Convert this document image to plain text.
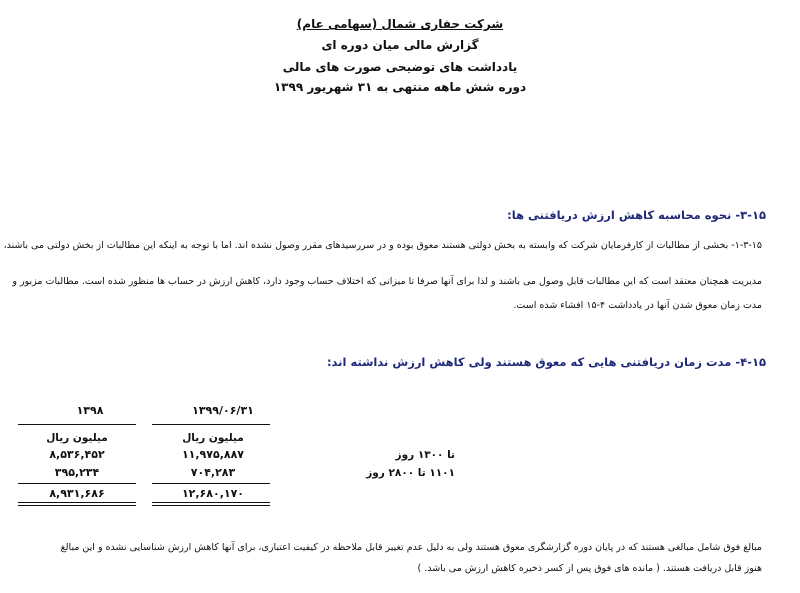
شرکت حفاری شمال (سهامی عام)
گزارش مالی میان دوره ای
یادداشت های توضیحی صورت های مالی
دوره شش ماهه منتهی به ۳۱ شهریور ۱۳۹۹
۳-۱۵- نحوه محاسبه کاهش ارزش دریافتنی ها:
۱-۳-۱۵- بخشی از مطالبات از کارفرمایان شرکت که وابسته به بخش دولتی هستند معوق بوده و در سررسیدهای مقرر وصول نشده اند. اما با توجه به اینکه این مطالبات از بخش دولتی می باشند،
مدیریت همچنان معتقد است که این مطالبات قابل وصول می باشند و لذا برای آنها صرفا تا میزانی که اختلاف حساب وجود دارد، کاهش ارزش در حساب ها منظور شده است. مطالبات مزبور و
مدت زمان معوق شدن آنها در یادداشت ۴-۱۵ افشاء شده است.
۴-۱۵- مدت زمان دریافتنی هایی که معوق هستند ولی کاهش ارزش نداشته اند:
۱۳۹۹/۰۶/۳۱
۱۳۹۸
میلیون ریال
میلیون ریال
تا ۱۳۰۰ روز
۱۱,۹۷۵,۸۸۷
۸,۵۳۶,۴۵۲
۱۱۰۱ تا ۲۸۰۰ روز
۷۰۴,۲۸۳
۳۹۵,۲۳۴
۱۲,۶۸۰,۱۷۰
۸,۹۳۱,۶۸۶
مبالغ فوق شامل مبالغی هستند که در پایان دوره گزارشگری معوق هستند ولی به دلیل عدم تغییر قابل ملاحظه در کیفیت اعتباری، برای آنها کاهش ارزش شناسایی نشده و این مبالغ
هنوز قابل دریافت هستند. ( مانده های فوق پس از کسر ذخیره کاهش ارزش می باشد. )
